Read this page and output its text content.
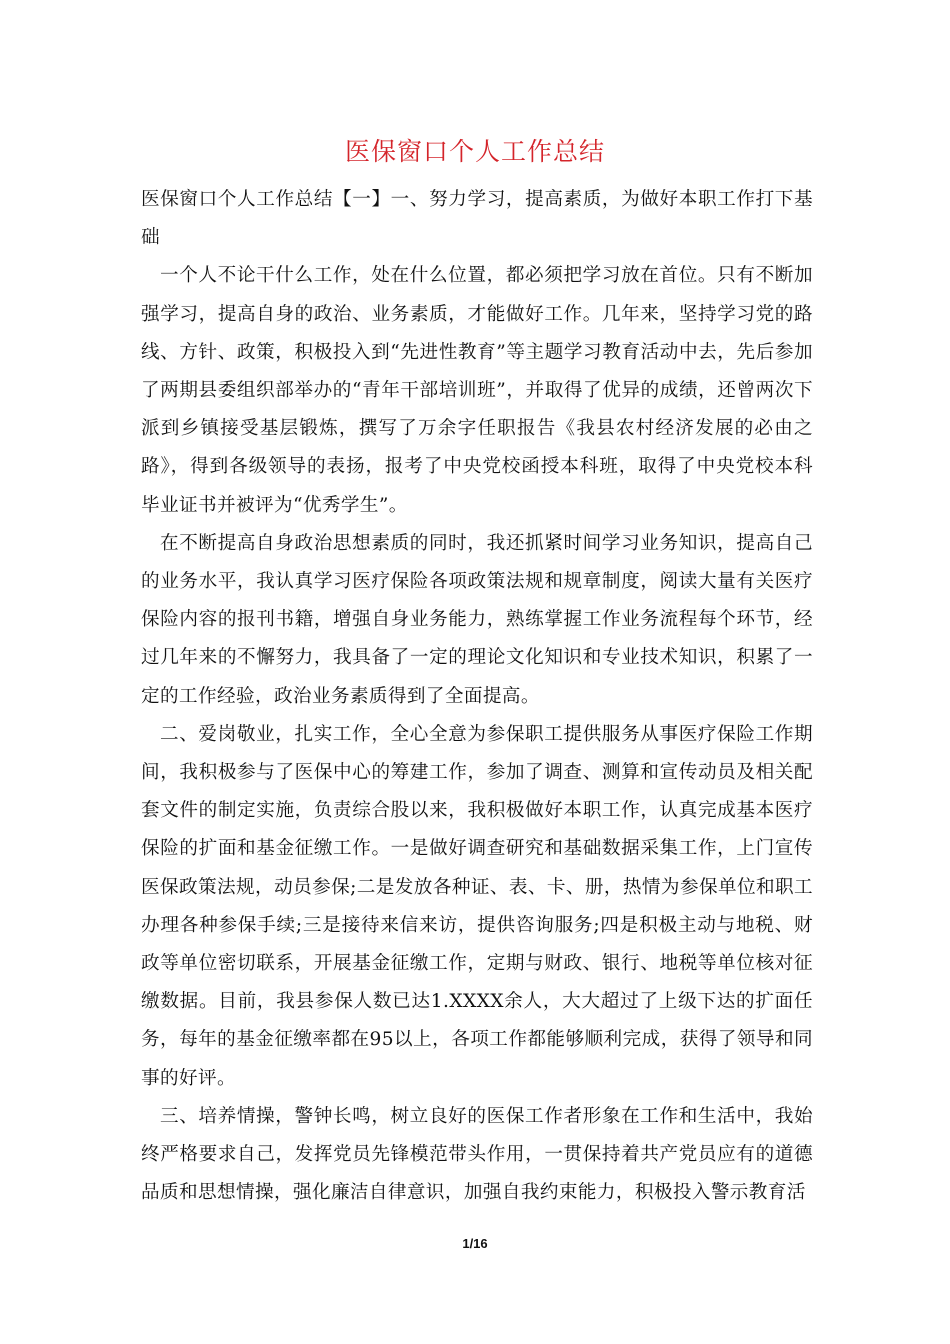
医保窗口个人工作总结

医保窗口个人工作总结【一】一、努力学习，提高素质，为做好本职工作打下基础

一个人不论干什么工作，处在什么位置，都必须把学习放在首位。只有不断加强学习，提高自身的政治、业务素质，才能做好工作。几年来，坚持学习党的路线、方针、政策，积极投入到“先进性教育”等主题学习教育活动中去，先后参加了两期县委组织部举办的“青年干部培训班”，并取得了优异的成绩，还曾两次下派到乡镇接受基层锻炼，撰写了万余字任职报告《我县农村经济发展的必由之路》，得到各级领导的表扬，报考了中央党校函授本科班，取得了中央党校本科毕业证书并被评为“优秀学生”。

在不断提高自身政治思想素质的同时，我还抓紧时间学习业务知识，提高自己的业务水平，我认真学习医疗保险各项政策法规和规章制度，阅读大量有关医疗保险内容的报刊书籍，增强自身业务能力，熟练掌握工作业务流程每个环节，经过几年来的不懈努力，我具备了一定的理论文化知识和专业技术知识，积累了一定的工作经验，政治业务素质得到了全面提高。

二、爱岗敬业，扎实工作，全心全意为参保职工提供服务从事医疗保险工作期间，我积极参与了医保中心的筹建工作，参加了调查、测算和宣传动员及相关配套文件的制定实施，负责综合股以来，我积极做好本职工作，认真完成基本医疗保险的扩面和基金征缴工作。一是做好调查研究和基础数据采集工作，上门宣传医保政策法规，动员参保;二是发放各种证、表、卡、册，热情为参保单位和职工办理各种参保手续;三是接待来信来访，提供咨询服务;四是积极主动与地税、财政等单位密切联系，开展基金征缴工作，定期与财政、银行、地税等单位核对征缴数据。目前，我县参保人数已达1.XXXX余人，大大超过了上级下达的扩面任务，每年的基金征缴率都在95以上，各项工作都能够顺利完成，获得了领导和同事的好评。

三、培养情操，警钟长鸣，树立良好的医保工作者形象在工作和生活中，我始终严格要求自己，发挥党员先锋模范带头作用，一贯保持着共产党员应有的道德品质和思想情操，强化廉洁自律意识，加强自我约束能力，积极投入警示教育活

1/16
